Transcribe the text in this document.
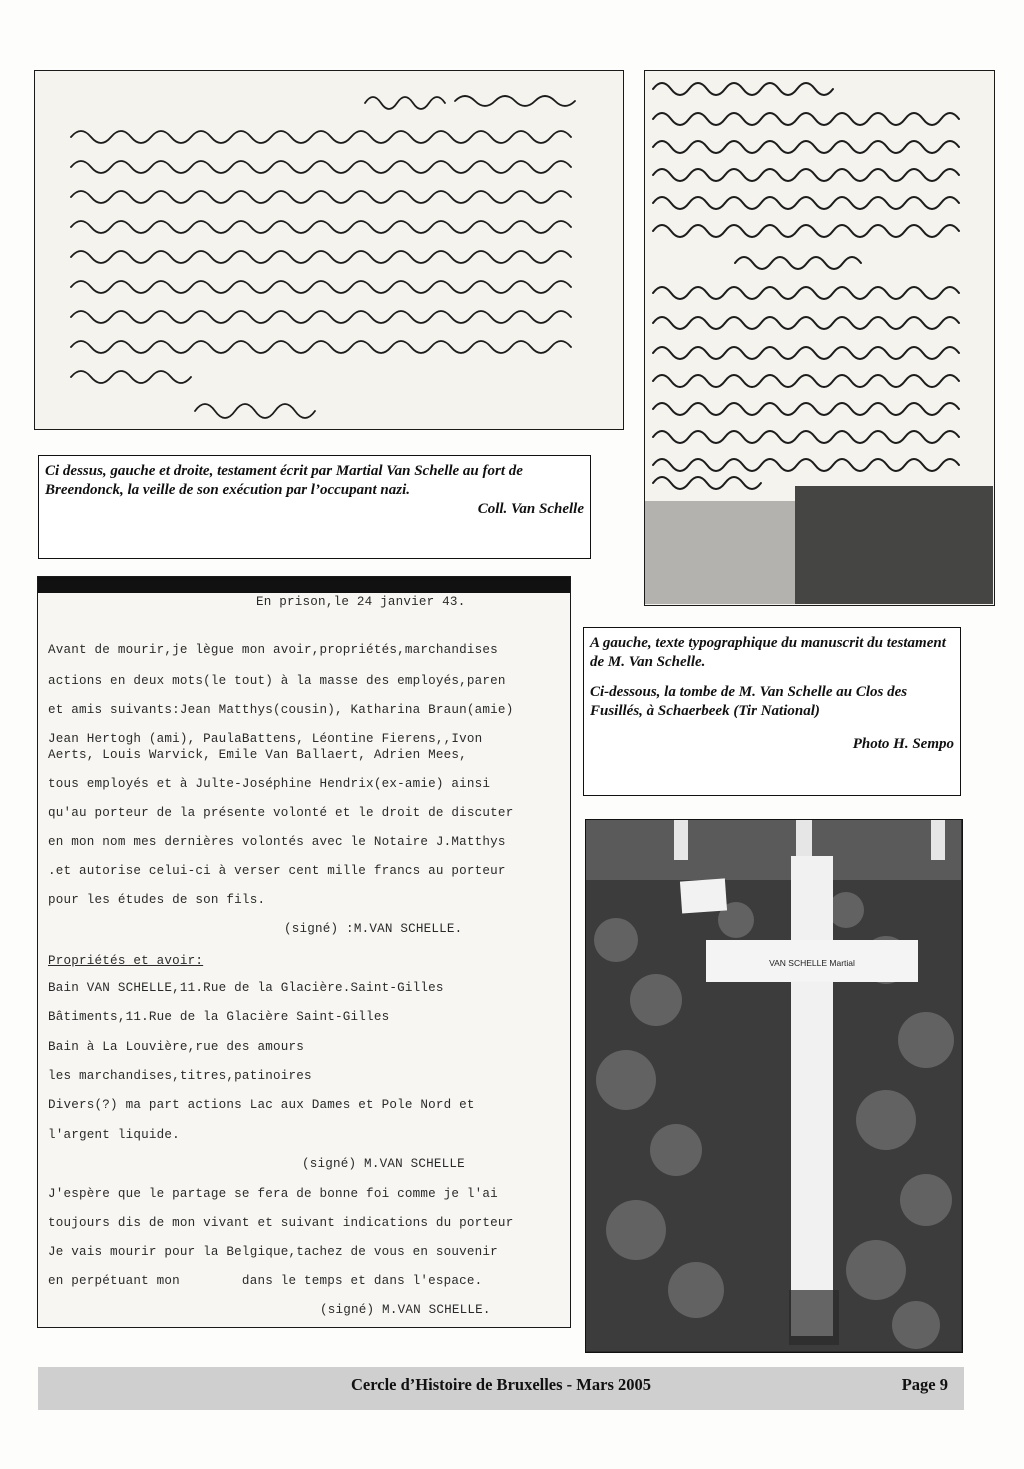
Ci dessus, gauche et droite, testament écrit par Martial Van Schelle au fort de Breendonck, la veille de son exécution par l’occupant nazi.

Coll. Van Schelle

En prison,le 24 janvier 43.
Avant de mourir,je lègue mon avoir,propriétés,marchandises
actions en deux mots(le tout) à la masse des employés,paren
et amis suivants:Jean Matthys(cousin), Katharina Braun(amie)
Jean Hertogh (ami), PaulaBattens, Léontine Fierens,,Ivon
Aerts, Louis Warvick, Emile Van Ballaert, Adrien Mees,
tous employés et à Julte-Joséphine Hendrix(ex-amie) ainsi
qu'au porteur de la présente volonté et le droit de discuter
en mon nom mes dernières volontés avec le Notaire J.Matthys
.et autorise celui-ci à verser cent mille francs au porteur
pour les études de son fils.
(signé) :M.VAN SCHELLE.
Propriétés et avoir:
Bain VAN SCHELLE,11.Rue de la Glacière.Saint-Gilles
Bâtiments,11.Rue de la Glacière Saint-Gilles
Bain à La Louvière,rue des amours
les marchandises,titres,patinoires
Divers(?) ma part actions Lac aux Dames et Pole Nord et
l'argent liquide.
(signé) M.VAN SCHELLE
J'espère que le partage se fera de bonne foi comme je l'ai
toujours dis de mon vivant et suivant indications du porteur
Je vais mourir pour la Belgique,tachez de vous en souvenir
en perpétuant mon        dans le temps et dans l'espace.
(signé) M.VAN SCHELLE.

A gauche, texte typographique du manuscrit du testament de M. Van Schelle.

Ci-dessous, la tombe de M. Van Schelle au Clos des Fusillés, à Schaerbeek (Tir National)

Photo H. Sempo

VAN SCHELLE Martial
Cercle d’Histoire de Bruxelles - Mars 2005	Page 9
